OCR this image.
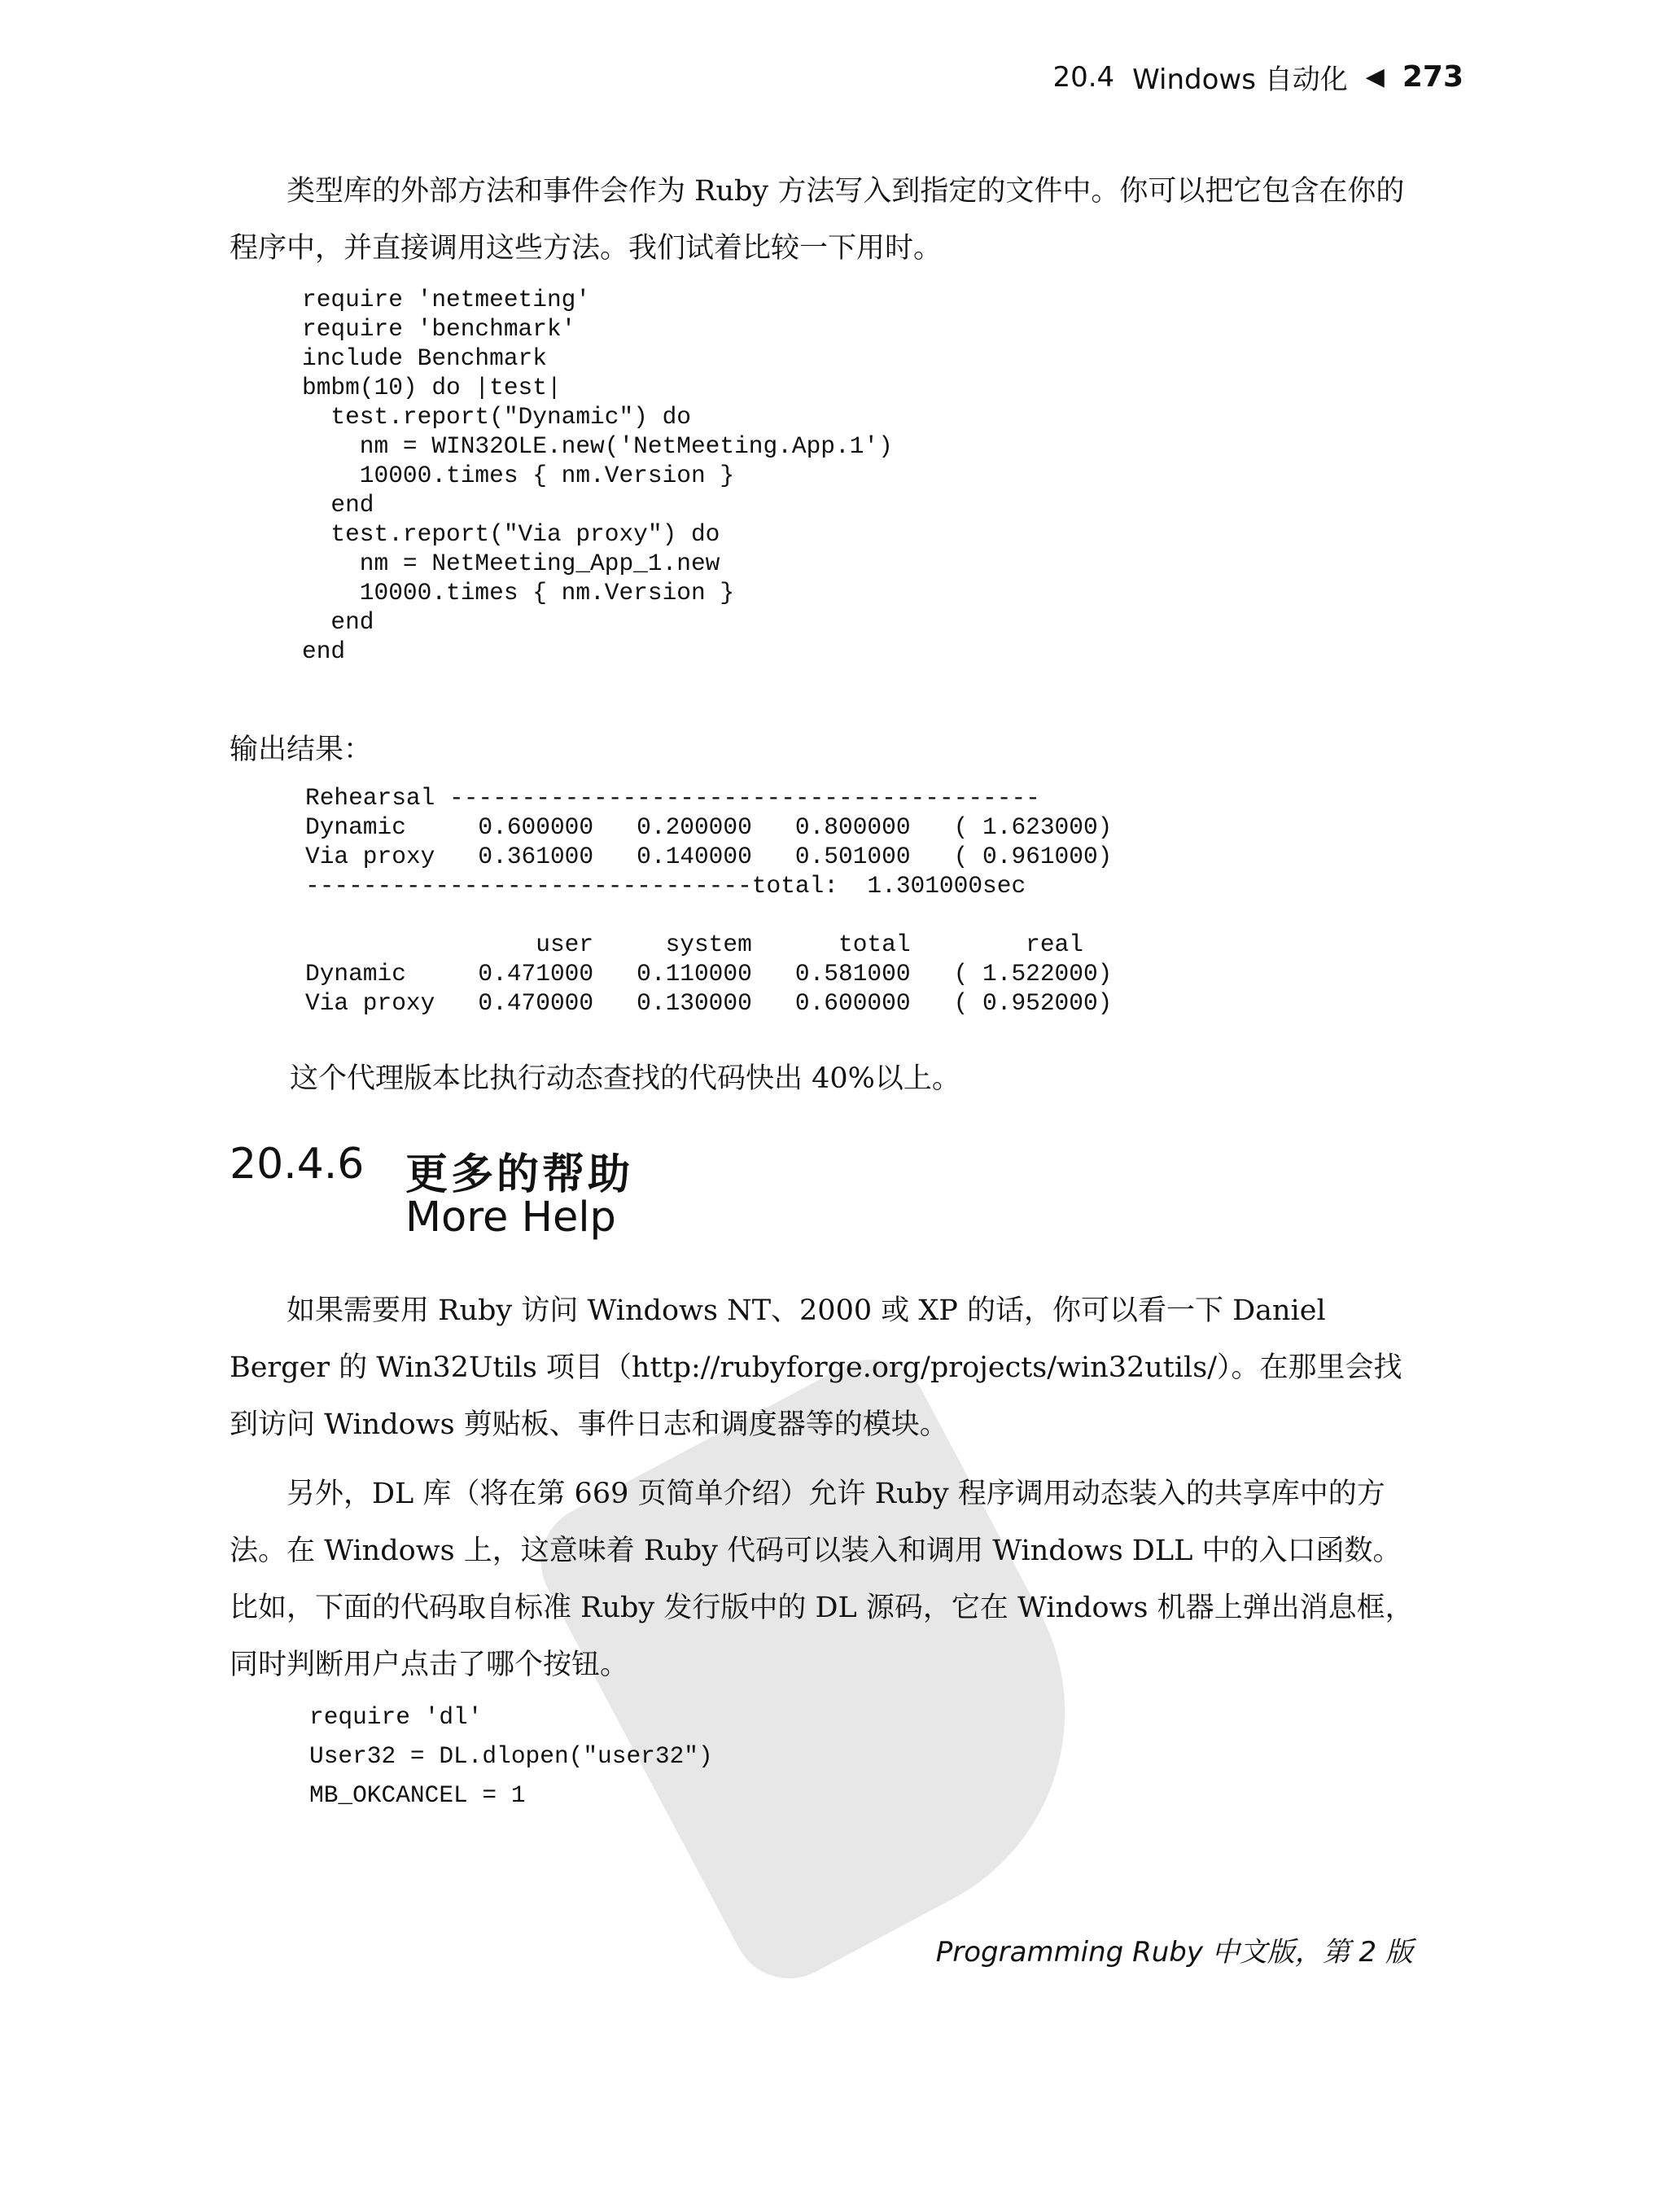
20.4 Windows 自动化 ◀ 273

类型库的外部方法和事件会作为 Ruby 方法写入到指定的文件中。你可以把它包含在你的程序中，并直接调用这些方法。我们试着比较一下用时。

require 'netmeeting'
require 'benchmark'
include Benchmark
bmbm(10) do |test|
test.report("Dynamic") do
nm = WIN32OLE.new('NetMeeting.App.1')
10000.times { nm.Version }
end
test.report("Via proxy") do
nm = NetMeeting_App_1.new
10000.times { nm.Version }
end
end
输出结果：
Rehearsal -----------------------------------------
Dynamic     0.600000   0.200000   0.800000   ( 1.623000)
Via proxy   0.361000   0.140000   0.501000   ( 0.961000)
-------------------------------total:  1.301000sec

user     system      total        real
Dynamic     0.471000   0.110000   0.581000   ( 1.522000)
Via proxy   0.470000   0.130000   0.600000   ( 0.952000)

这个代理版本比执行动态查找的代码快出 40%以上。

20.4.6 更多的帮助
More Help

如果需要用 Ruby 访问 Windows NT、2000 或 XP 的话，你可以看一下 Daniel Berger 的 Win32Utils 项目（http://rubyforge.org/projects/win32utils/）。在那里会找到访问 Windows 剪贴板、事件日志和调度器等的模块。

另外，DL 库（将在第 669 页简单介绍）允许 Ruby 程序调用动态装入的共享库中的方法。在 Windows 上，这意味着 Ruby 代码可以装入和调用 Windows DLL 中的入口函数。比如，下面的代码取自标准 Ruby 发行版中的 DL 源码，它在 Windows 机器上弹出消息框，同时判断用户点击了哪个按钮。

require 'dl'
User32 = DL.dlopen("user32")
MB_OKCANCEL = 1
Programming Ruby 中文版，第 2 版
